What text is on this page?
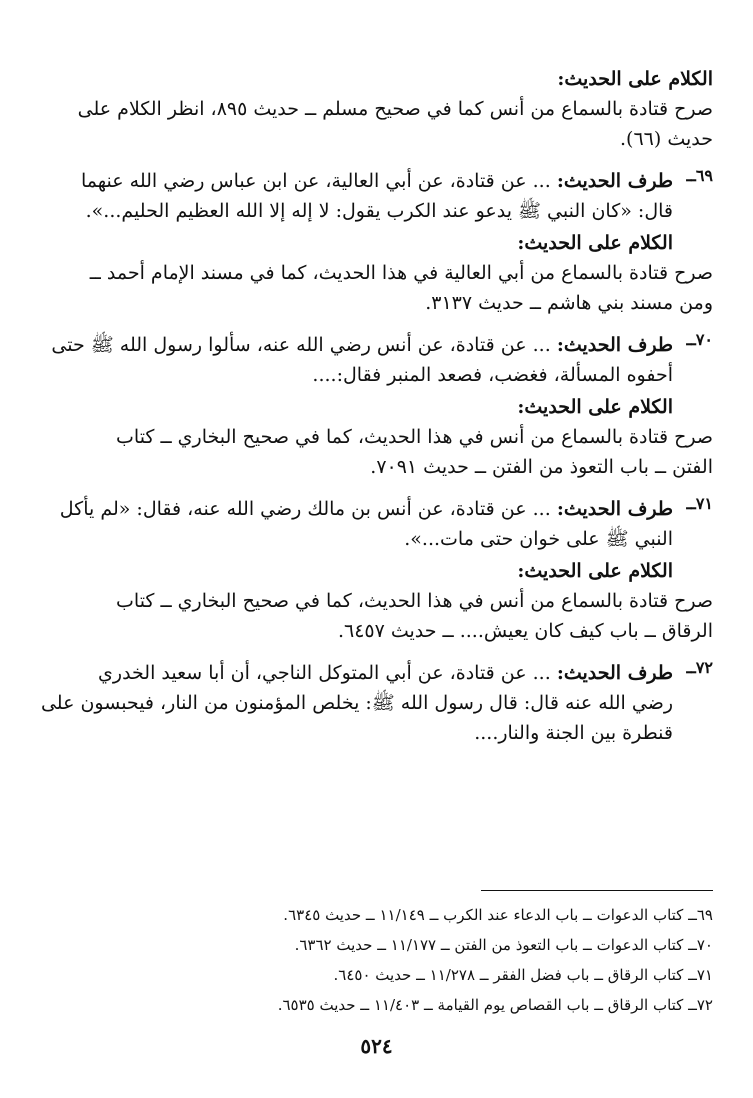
الكلام على الحديث:
صرح قتادة بالسماع من أنس كما في صحيح مسلم ــ حديث ٨٩٥، انظر الكلام على
حديث (٦٦).
٦٩ــ
طرف الحديث: ... عن قتادة، عن أبي العالية، عن ابن عباس رضي الله عنهما
قال: «كان النبي ﷺ يدعو عند الكرب يقول: لا إله إلا الله العظيم الحليم...».
الكلام على الحديث:
صرح قتادة بالسماع من أبي العالية في هذا الحديث، كما في مسند الإمام أحمد ــ
ومن مسند بني هاشم ــ حديث ٣١٣٧.
٧٠ــ
طرف الحديث: ... عن قتادة، عن أنس رضي الله عنه، سألوا رسول الله ﷺ حتى
أحفوه المسألة، فغضب، فصعد المنبر فقال:....
الكلام على الحديث:
صرح قتادة بالسماع من أنس في هذا الحديث، كما في صحيح البخاري ــ كتاب
الفتن ــ باب التعوذ من الفتن ــ حديث ٧٠٩١.
٧١ــ
طرف الحديث: ... عن قتادة، عن أنس بن مالك رضي الله عنه، فقال: «لم يأكل
النبي ﷺ على خوان حتى مات...».
الكلام على الحديث:
صرح قتادة بالسماع من أنس في هذا الحديث، كما في صحيح البخاري ــ كتاب
الرقاق ــ باب كيف كان يعيش.... ــ حديث ٦٤٥٧.
٧٢ــ
طرف الحديث: ... عن قتادة، عن أبي المتوكل الناجي، أن أبا سعيد الخدري
رضي الله عنه قال: قال رسول الله ﷺ: يخلص المؤمنون من النار، فيحبسون على
قنطرة بين الجنة والنار....
٦٩ــ كتاب الدعوات ــ باب الدعاء عند الكرب ــ ١١/١٤٩ ــ حديث ٦٣٤٥.
٧٠ــ كتاب الدعوات ــ باب التعوذ من الفتن ــ ١١/١٧٧ ــ حديث ٦٣٦٢.
٧١ــ كتاب الرقاق ــ باب فضل الفقر ــ ١١/٢٧٨ ــ حديث ٦٤٥٠.
٧٢ــ كتاب الرقاق ــ باب القصاص يوم القيامة ــ ١١/٤٠٣ ــ حديث ٦٥٣٥.
٥٢٤
